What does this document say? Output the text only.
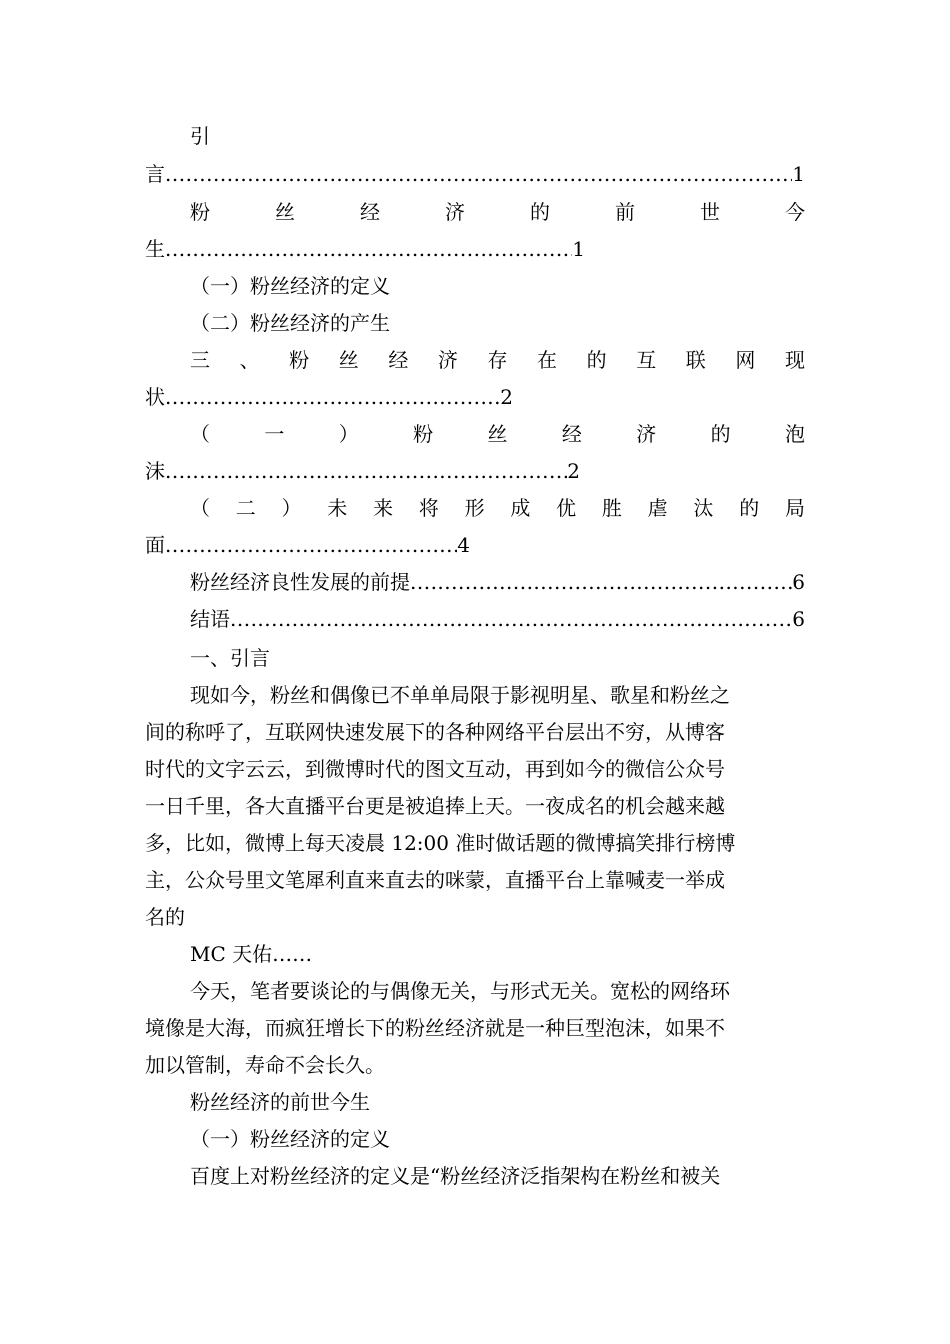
引
言 .....	1
粉	丝	经	济	的	前	世	今
生 .....	1
（一）粉丝经济的定义
（二）粉丝经济的产生
三 、 粉 丝 经 济 存 在 的 互 联 网 现
状 .....	2
（	一	）	粉	丝	经	济	的	泡
沫 .....	2
（ 二 ） 未 来 将 形 成 优 胜 虐 汰 的 局
面 .....	4
粉丝经济良性发展的前提 .....	6
结语 .....	6
一、引言
现如今，粉丝和偶像已不单单局限于影视明星、歌星和粉丝之
间的称呼了，互联网快速发展下的各种网络平台层出不穷，从博客
时代的文字云云，到微博时代的图文互动，再到如今的微信公众号
一日千里，各大直播平台更是被追捧上天。一夜成名的机会越来越
多，比如，微博上每天凌晨 12:00 准时做话题的微博搞笑排行榜博
主，公众号里文笔犀利直来直去的咪蒙，直播平台上靠喊麦一举成
名的
MC 天佑……
今天，笔者要谈论的与偶像无关，与形式无关。宽松的网络环
境像是大海，而疯狂增长下的粉丝经济就是一种巨型泡沫，如果不
加以管制，寿命不会长久。
粉丝经济的前世今生
（一）粉丝经济的定义
百度上对粉丝经济的定义是“粉丝经济泛指架构在粉丝和被关
